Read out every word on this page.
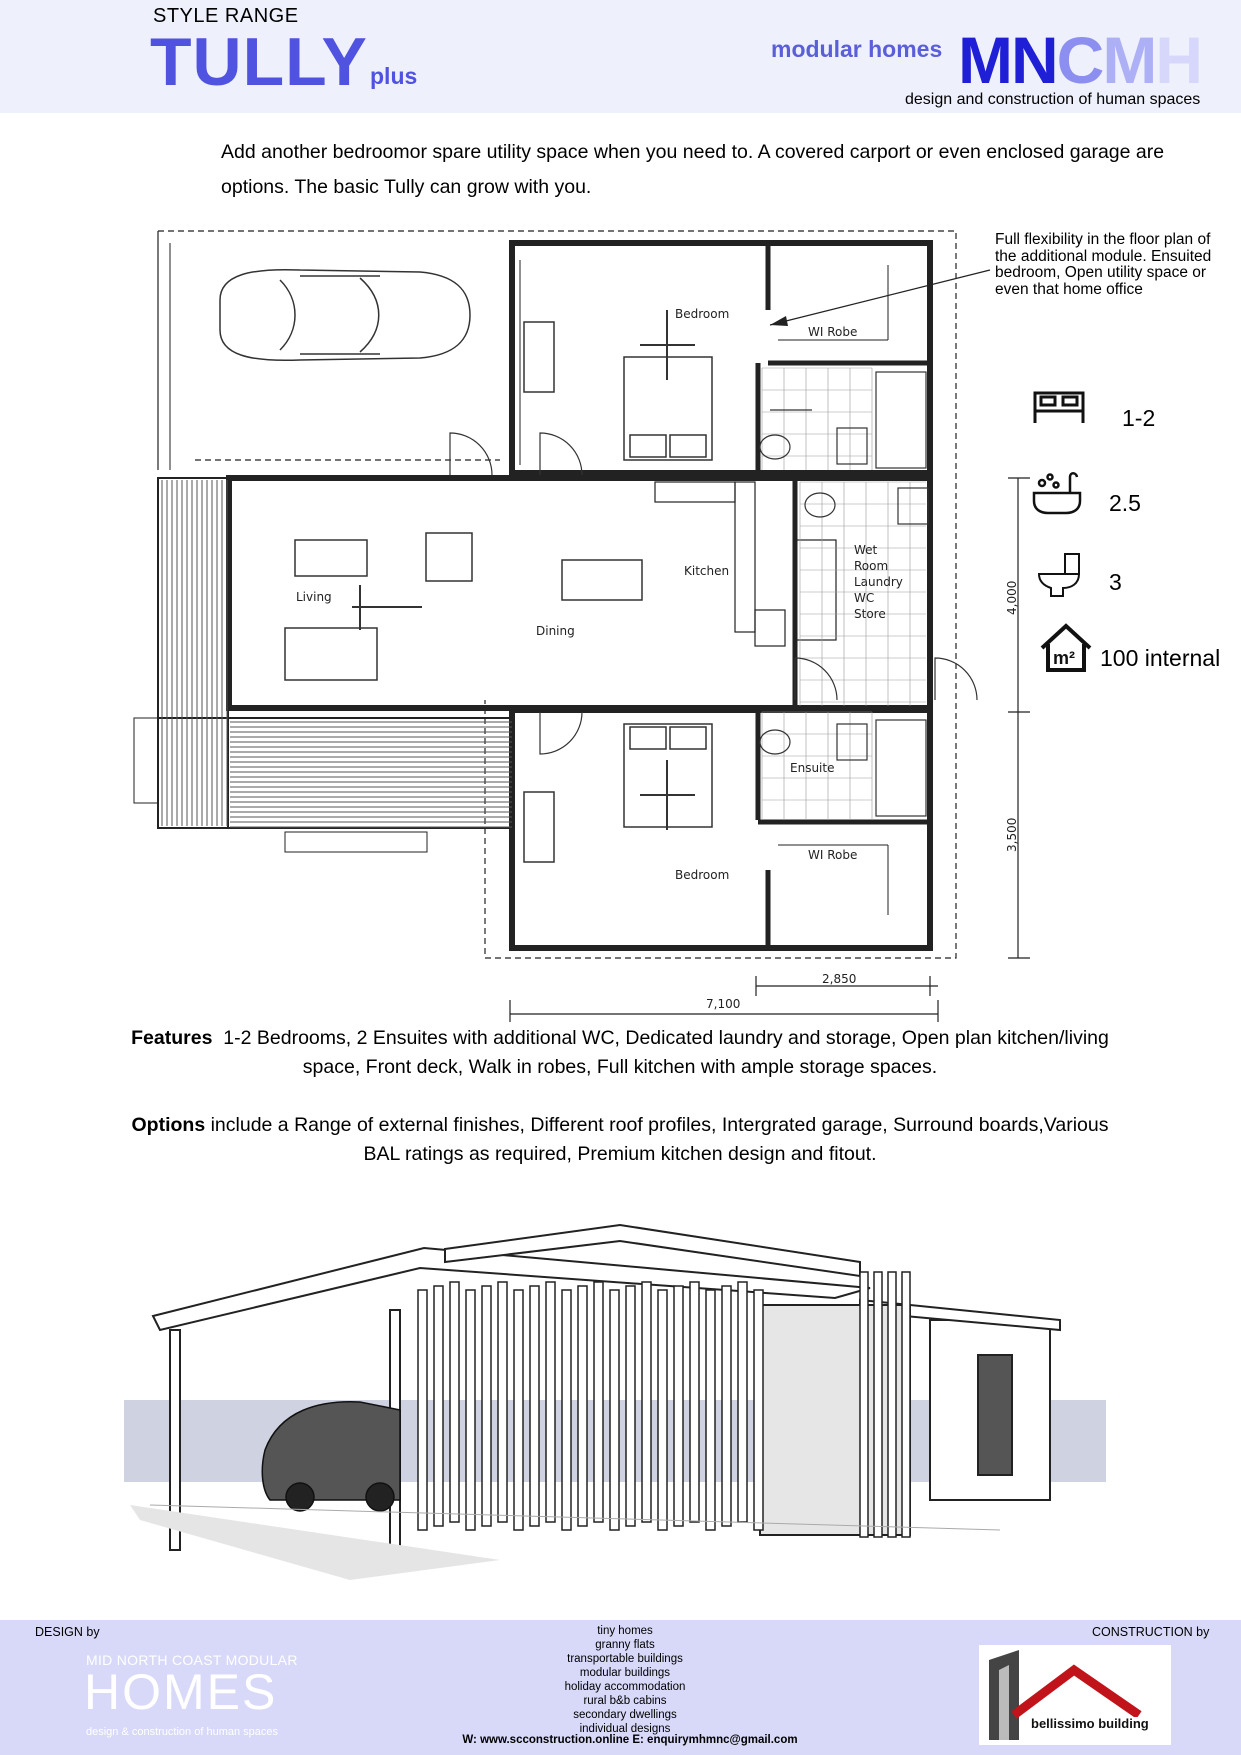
STYLE RANGE
TULLY plus
modular homes MNCMH
design and construction of human spaces
Add another bedroomor spare utility space when you need to. A covered carport or even enclosed garage are options. The basic Tully can grow with you.
Bedroom
WI Robe
Living
Dining
Kitchen
Wet
Room
Laundry
WC
Store
Ensuite
Bedroom
WI Robe
7,100
2,850
4,000
3,500
Full flexibility in the floor plan of the additional module. Ensuited bedroom, Open utility space or even that home office
1-2
2.5
3
m² 100 internal
Features 1-2 Bedrooms, 2 Ensuites with additional WC, Dedicated laundry and storage, Open plan kitchen/living space, Front deck, Walk in robes, Full kitchen with ample storage spaces.
Options include a Range of external finishes, Different roof profiles, Intergrated garage, Surround boards,Various BAL ratings as required, Premium kitchen design and fitout.
DESIGN by	CONSTRUCTION by
MID NORTH COAST MODULAR
HOMES
design & construction of human spaces
tiny homes
granny flats
transportable buildings
modular buildings
holiday accommodation
rural b&b cabins
secondary dwellings
individual designs
W: www.scconstruction.online E: enquirymhmnc@gmail.com
bellissimo building
